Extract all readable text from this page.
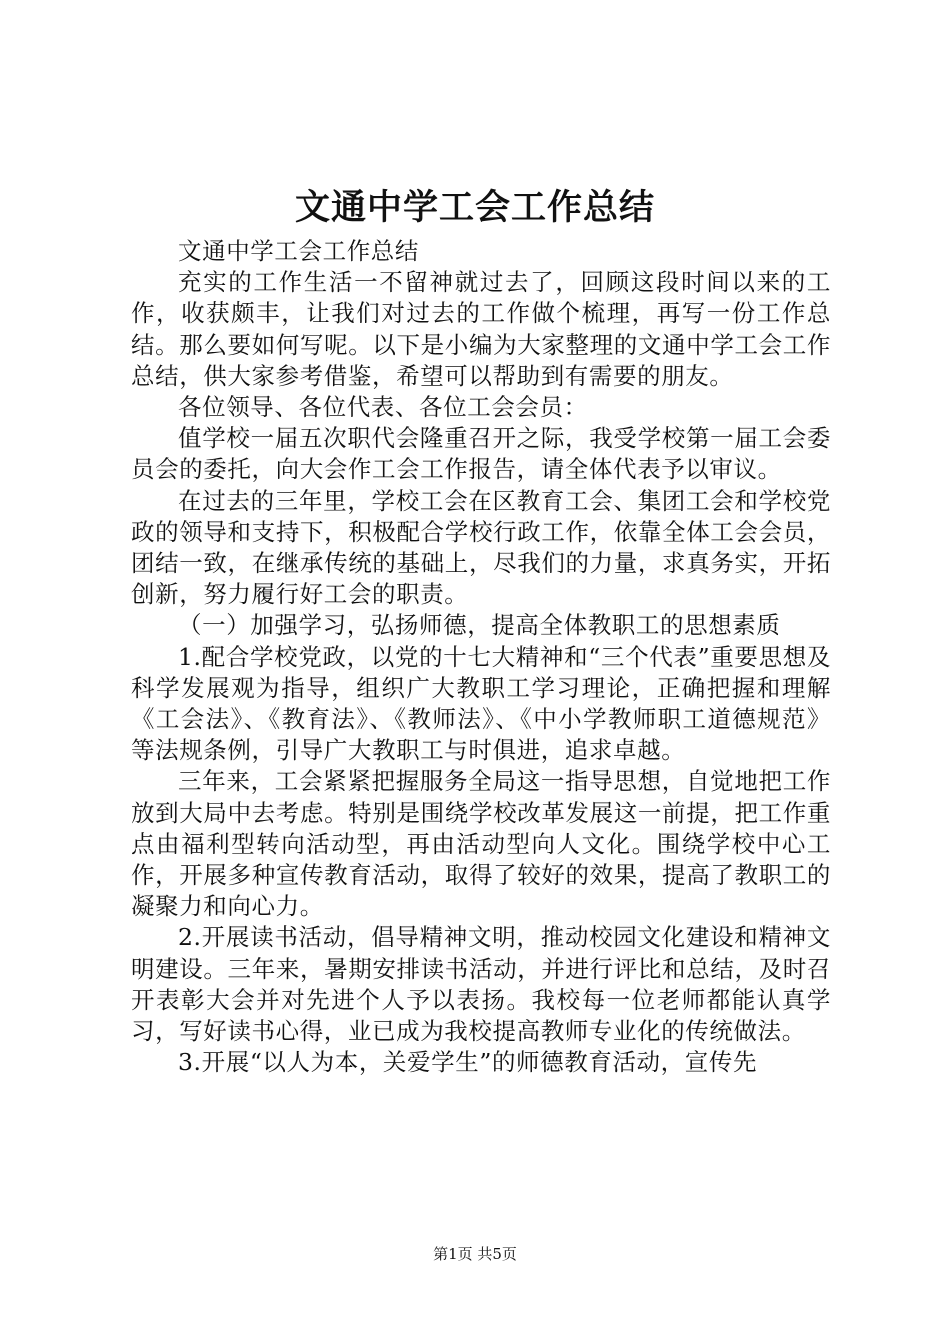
文通中学工会工作总结

文通中学工会工作总结

充实的工作生活一不留神就过去了，回顾这段时间以来的工作，收获颇丰，让我们对过去的工作做个梳理，再写一份工作总结。那么要如何写呢。以下是小编为大家整理的文通中学工会工作总结，供大家参考借鉴，希望可以帮助到有需要的朋友。

各位领导、各位代表、各位工会会员：

值学校一届五次职代会隆重召开之际，我受学校第一届工会委员会的委托，向大会作工会工作报告，请全体代表予以审议。

在过去的三年里，学校工会在区教育工会、集团工会和学校党政的领导和支持下，积极配合学校行政工作，依靠全体工会会员，团结一致，在继承传统的基础上，尽我们的力量，求真务实，开拓创新，努力履行好工会的职责。

（一）加强学习，弘扬师德，提高全体教职工的思想素质

1.配合学校党政，以党的十七大精神和“三个代表”重要思想及科学发展观为指导，组织广大教职工学习理论，正确把握和理解《工会法》、《教育法》、《教师法》、《中小学教师职工道德规范》等法规条例，引导广大教职工与时俱进，追求卓越。

三年来，工会紧紧把握服务全局这一指导思想，自觉地把工作放到大局中去考虑。特别是围绕学校改革发展这一前提，把工作重点由福利型转向活动型，再由活动型向人文化。围绕学校中心工作，开展多种宣传教育活动，取得了较好的效果，提高了教职工的凝聚力和向心力。

2.开展读书活动，倡导精神文明，推动校园文化建设和精神文明建设。三年来，暑期安排读书活动，并进行评比和总结，及时召开表彰大会并对先进个人予以表扬。我校每一位老师都能认真学习，写好读书心得，业已成为我校提高教师专业化的传统做法。

3.开展“以人为本，关爱学生”的师德教育活动，宣传先

第1页 共5页
